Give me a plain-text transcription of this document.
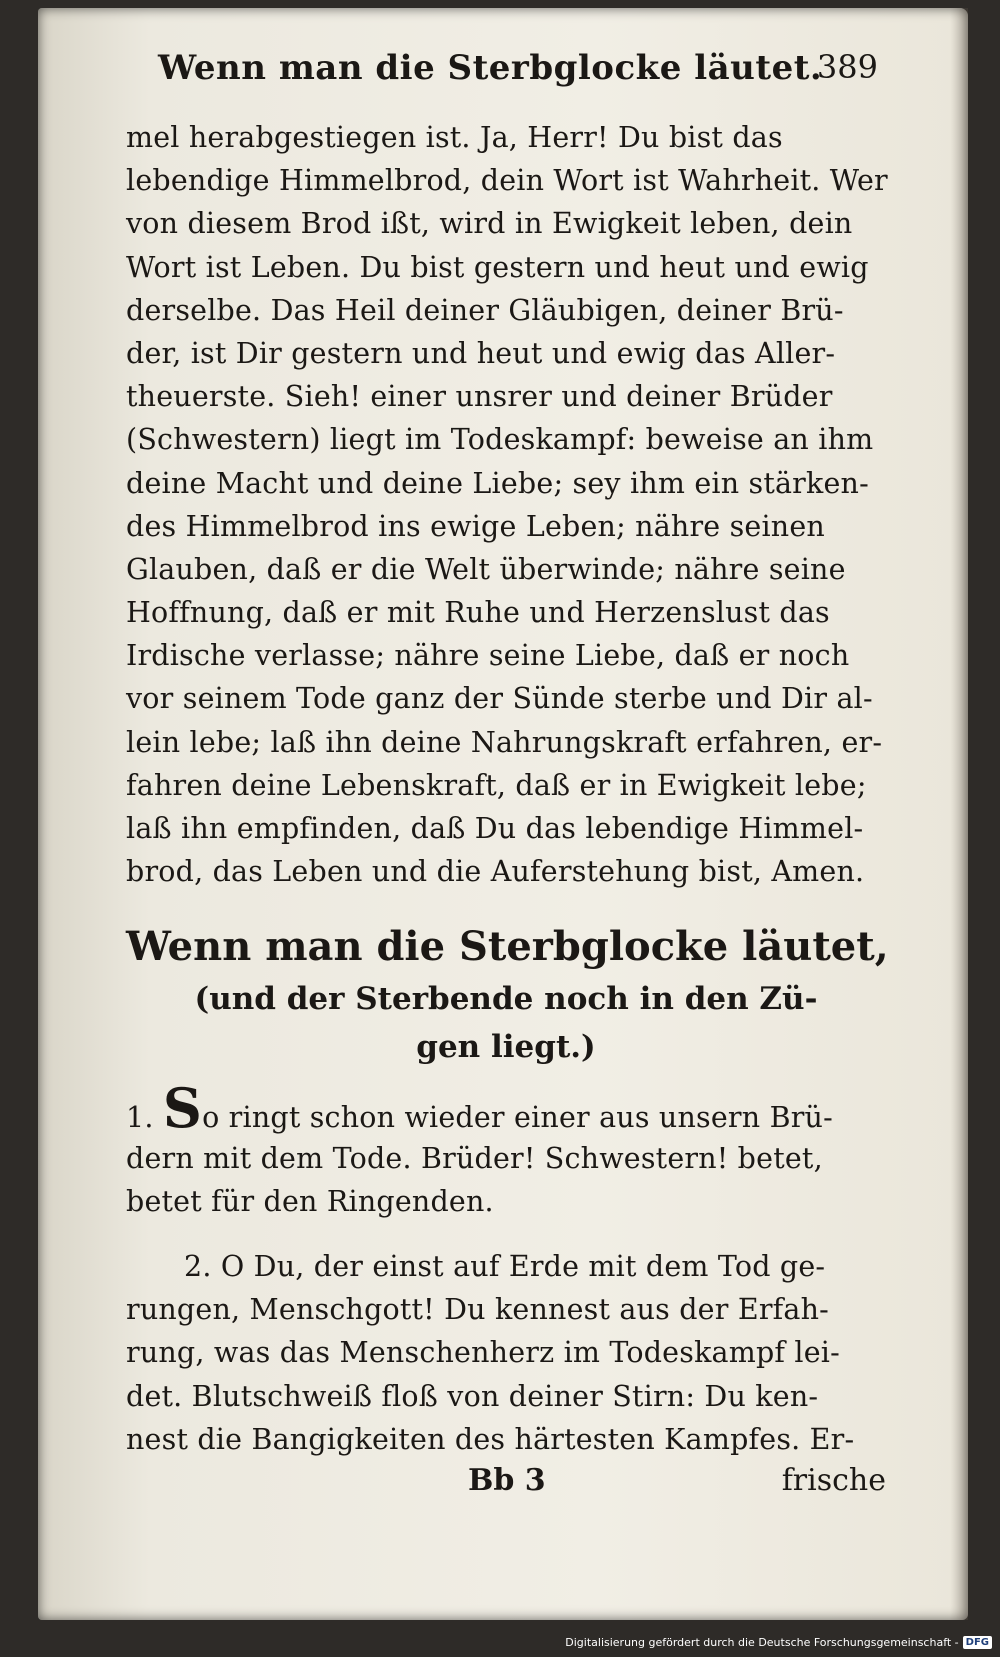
Wenn man die Sterbglocke läutet.
389
mel herabgestiegen ist. Ja, Herr! Du bist das
lebendige Himmelbrod, dein Wort ist Wahrheit. Wer
von diesem Brod ißt, wird in Ewigkeit leben, dein
Wort ist Leben. Du bist gestern und heut und ewig
derselbe. Das Heil deiner Gläubigen, deiner Brü-
der, ist Dir gestern und heut und ewig das Aller-
theuerste. Sieh! einer unsrer und deiner Brüder
(Schwestern) liegt im Todeskampf: beweise an ihm
deine Macht und deine Liebe; sey ihm ein stärken-
des Himmelbrod ins ewige Leben; nähre seinen
Glauben, daß er die Welt überwinde; nähre seine
Hoffnung, daß er mit Ruhe und Herzenslust das
Irdische verlasse; nähre seine Liebe, daß er noch
vor seinem Tode ganz der Sünde sterbe und Dir al-
lein lebe; laß ihn deine Nahrungskraft erfahren, er-
fahren deine Lebenskraft, daß er in Ewigkeit lebe;
laß ihn empfinden, daß Du das lebendige Himmel-
brod, das Leben und die Auferstehung bist, Amen.
Wenn man die Sterbglocke läutet,
(und der Sterbende noch in den Zü-
gen liegt.)
1. So ringt schon wieder einer aus unsern Brü-
dern mit dem Tode. Brüder! Schwestern! betet,
betet für den Ringenden.
2. O Du, der einst auf Erde mit dem Tod ge-
rungen, Menschgott! Du kennest aus der Erfah-
rung, was das Menschenherz im Todeskampf lei-
det. Blutschweiß floß von deiner Stirn: Du ken-
nest die Bangigkeiten des härtesten Kampfes. Er-
Bb 3	frische
Digitalisierung gefördert durch die Deutsche Forschungsgemeinschaft - DFG
